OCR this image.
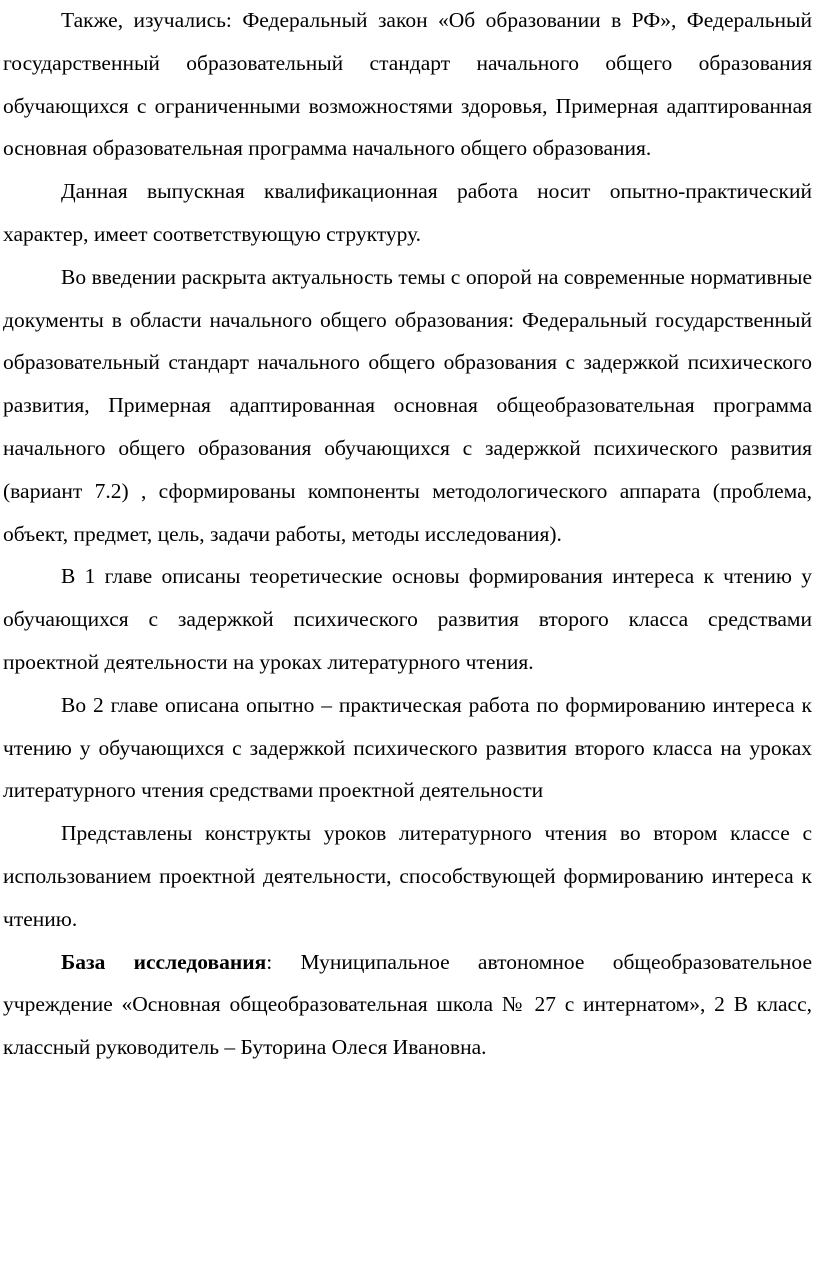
Также, изучались: Федеральный закон «Об образовании в РФ», Федеральный государственный образовательный стандарт начального общего образования обучающихся с ограниченными возможностями здоровья, Примерная адаптированная основная образовательная программа начального общего образования.

Данная выпускная квалификационная работа носит опытно-практический характер, имеет соответствующую структуру.

Во введении раскрыта актуальность темы с опорой на современные нормативные документы в области начального общего образования: Федеральный государственный образовательный стандарт начального общего образования с задержкой психического развития, Примерная адаптированная основная общеобразовательная программа начального общего образования обучающихся с задержкой психического развития (вариант 7.2) , сформированы компоненты методологического аппарата (проблема, объект, предмет, цель, задачи работы, методы исследования).

В 1 главе описаны теоретические основы формирования интереса к чтению у обучающихся с задержкой психического развития второго класса средствами проектной деятельности на уроках литературного чтения.

Во 2 главе описана опытно – практическая работа по формированию интереса к чтению у обучающихся с задержкой психического развития второго класса на уроках литературного чтения средствами проектной деятельности

Представлены конструкты уроков литературного чтения во втором классе с использованием проектной деятельности, способствующей формированию интереса к чтению.

База исследования: Муниципальное автономное общеобразовательное учреждение «Основная общеобразовательная школа № 27 с интернатом», 2 В класс, классный руководитель – Буторина Олеся Ивановна.
